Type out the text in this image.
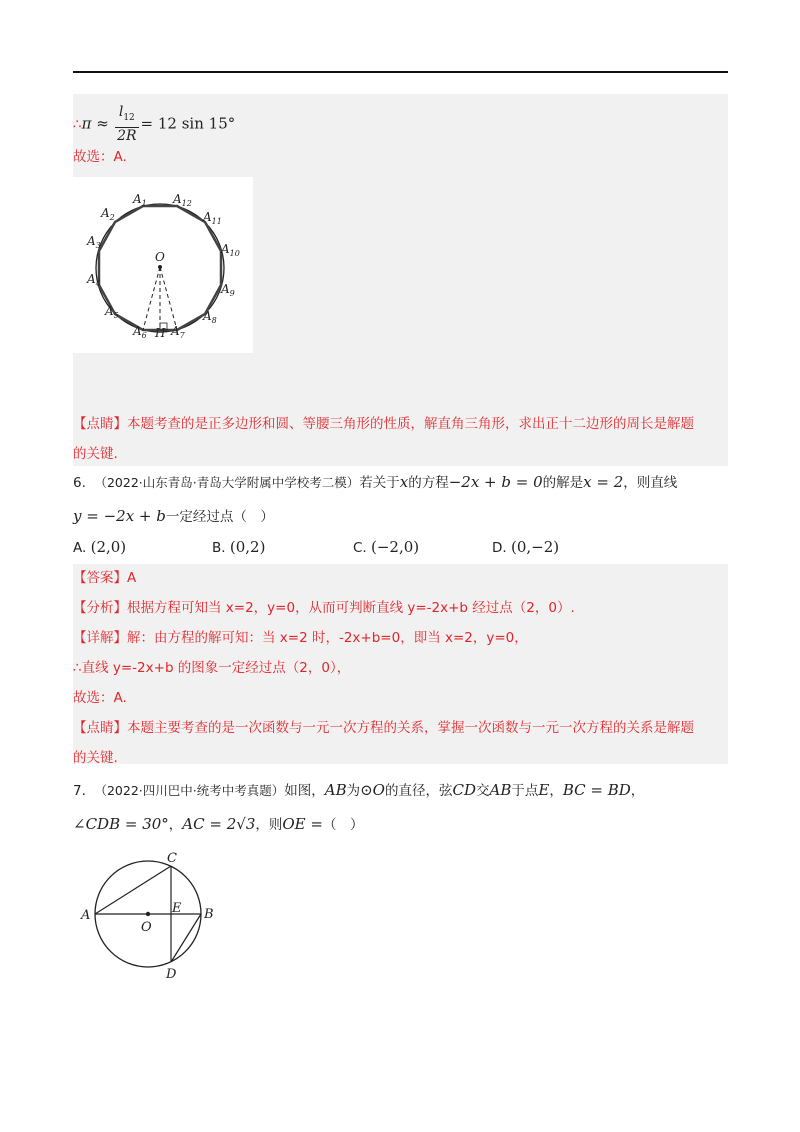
∴π ≈ $\frac{l_{12}}{2R} = 12$ sin 15°
故选：A.
$A_1$ $A_{12}$
$A_2$	$A_{11}$
$A_3$	$A_{10}$
$A_4$	$A_9$
$A_5$	$A_8$
$A_6$ H $A_7$
O
【点睛】本题考查的是正多边形和圆、等腰三角形的性质，解直角三角形，求出正十二边形的周长是解题
的关键.
6. （2022·山东青岛·青岛大学附属中学校考二模）若关于x的方程−2x + b = 0的解是x = 2，则直线
y = −2x + b一定经过点（　）
A. (2,0)	B. (0,2)	C. (−2,0)	D. (0,−2)
【答案】A
【分析】根据方程可知当 x=2，y=0，从而可判断直线 y=-2x+b 经过点（2，0）.
【详解】解：由方程的解可知：当 x=2 时，-2x+b=0，即当 x=2，y=0，
∴直线 y=-2x+b 的图象一定经过点（2，0），
故选：A.
【点睛】本题主要考查的是一次函数与一元一次方程的关系，掌握一次函数与一元一次方程的关系是解题
的关键.
7. （2022·四川巴中·统考中考真题）如图，AB为⊙O的直径，弦CD交AB于点E，BC = BD，
∠CDB = 30°，AC = 2√3，则OE =（　）
C
A	E B
O
D
